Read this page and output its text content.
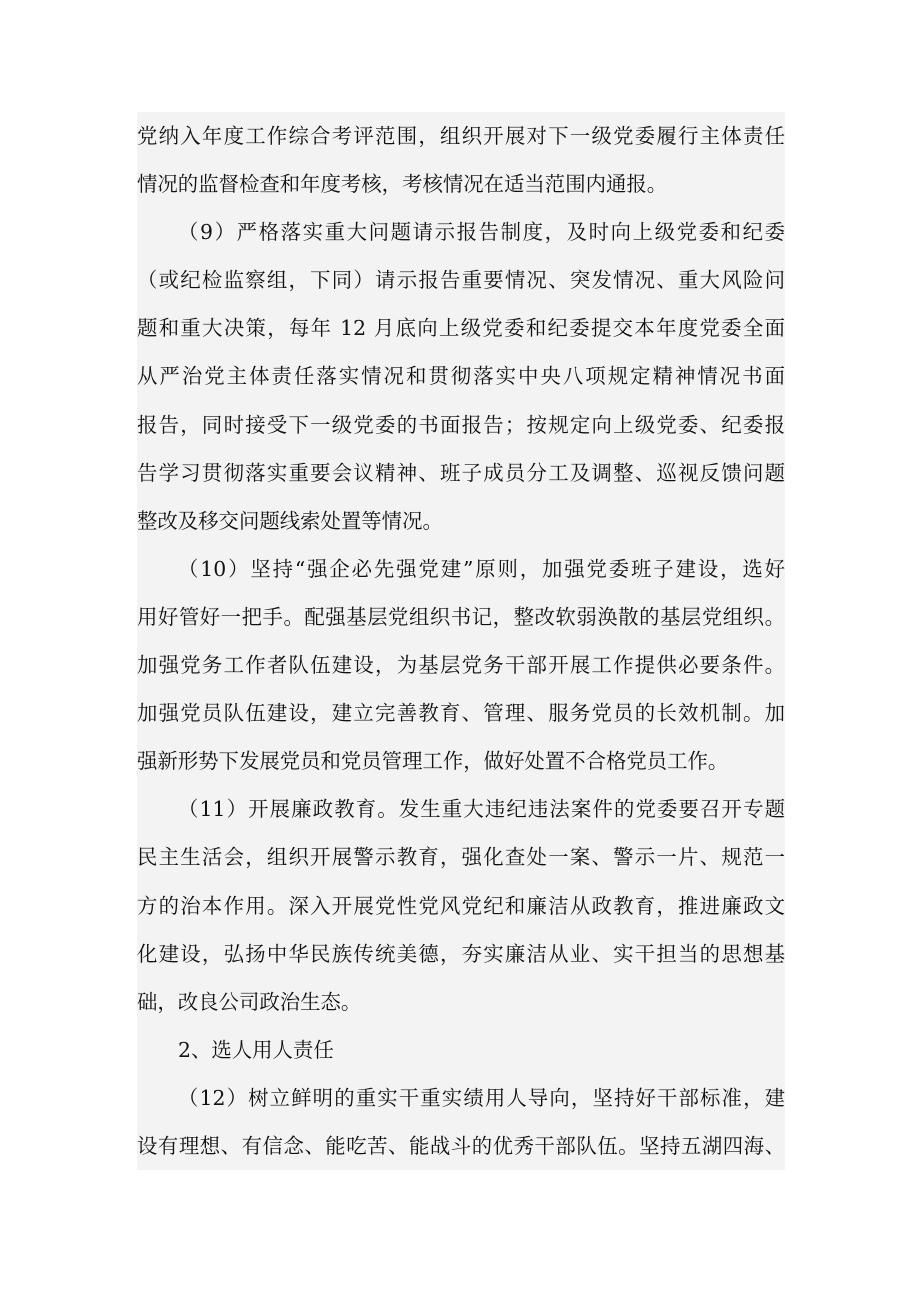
党纳入年度工作综合考评范围，组织开展对下一级党委履行主体责任
情况的监督检查和年度考核，考核情况在适当范围内通报。
（9）严格落实重大问题请示报告制度，及时向上级党委和纪委
（或纪检监察组，下同）请示报告重要情况、突发情况、重大风险问
题和重大决策，每年 12 月底向上级党委和纪委提交本年度党委全面
从严治党主体责任落实情况和贯彻落实中央八项规定精神情况书面
报告，同时接受下一级党委的书面报告；按规定向上级党委、纪委报
告学习贯彻落实重要会议精神、班子成员分工及调整、巡视反馈问题
整改及移交问题线索处置等情况。
（10）坚持“强企必先强党建”原则，加强党委班子建设，选好
用好管好一把手。配强基层党组织书记，整改软弱涣散的基层党组织。
加强党务工作者队伍建设，为基层党务干部开展工作提供必要条件。
加强党员队伍建设，建立完善教育、管理、服务党员的长效机制。加
强新形势下发展党员和党员管理工作，做好处置不合格党员工作。
（11）开展廉政教育。发生重大违纪违法案件的党委要召开专题
民主生活会，组织开展警示教育，强化查处一案、警示一片、规范一
方的治本作用。深入开展党性党风党纪和廉洁从政教育，推进廉政文
化建设，弘扬中华民族传统美德，夯实廉洁从业、实干担当的思想基
础，改良公司政治生态。
2、选人用人责任
（12）树立鲜明的重实干重实绩用人导向，坚持好干部标准，建
设有理想、有信念、能吃苦、能战斗的优秀干部队伍。坚持五湖四海、
